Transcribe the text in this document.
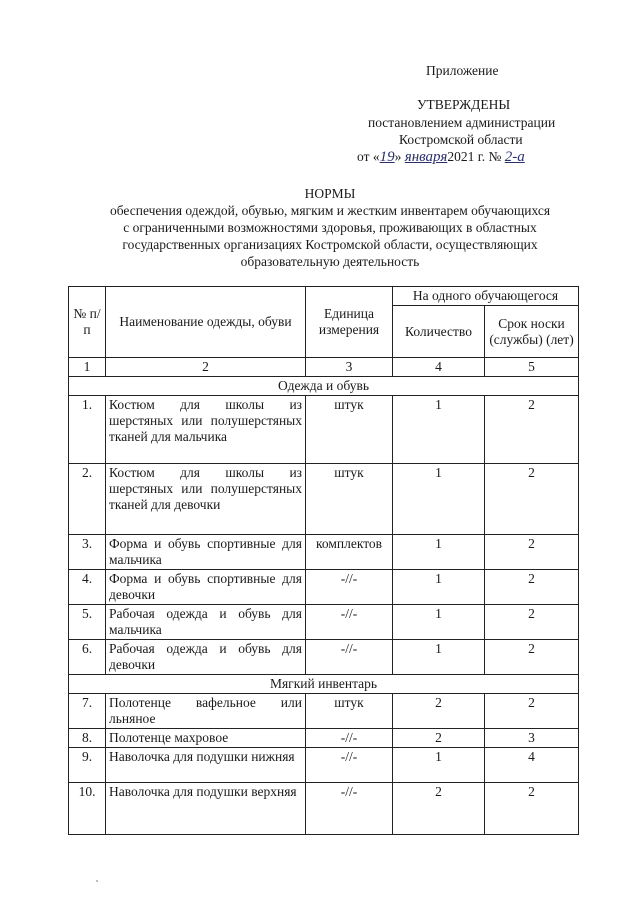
Приложение
УТВЕРЖДЕНЫ
постановлением администрации
Костромской области
от «19» января2021 г. № 2-а
НОРМЫ
обеспечения одеждой, обувью, мягким и жестким инвентарем обучающихся
с ограниченными возможностями здоровья, проживающих в областных
государственных организациях Костромской области, осуществляющих
образовательную деятельность
№ п/п	Наименование одежды, обуви	Единица измерения	На одного обучающегося	
			Количество	Срок носки (службы) (лет)
1	2	3	4	5
Одежда и обувь				
1.	Костюм для школы из шерстяных или полушерстяных тканей для мальчика	штук	1	2
2.	Костюм для школы из шерстяных или полушерстяных тканей для девочки	штук	1	2
3.	Форма и обувь спортивные для мальчика	комплектов	1	2
4.	Форма и обувь спортивные для девочки	-//-	1	2
5.	Рабочая одежда и обувь для мальчика	-//-	1	2
6.	Рабочая одежда и обувь для девочки	-//-	1	2
Мягкий инвентарь				
7.	Полотенце вафельное или льняное	штук	2	2
8.	Полотенце махровое	-//-	2	3
9.	Наволочка для подушки нижняя	-//-	1	4
10.	Наволочка для подушки верхняя	-//-	2	2
